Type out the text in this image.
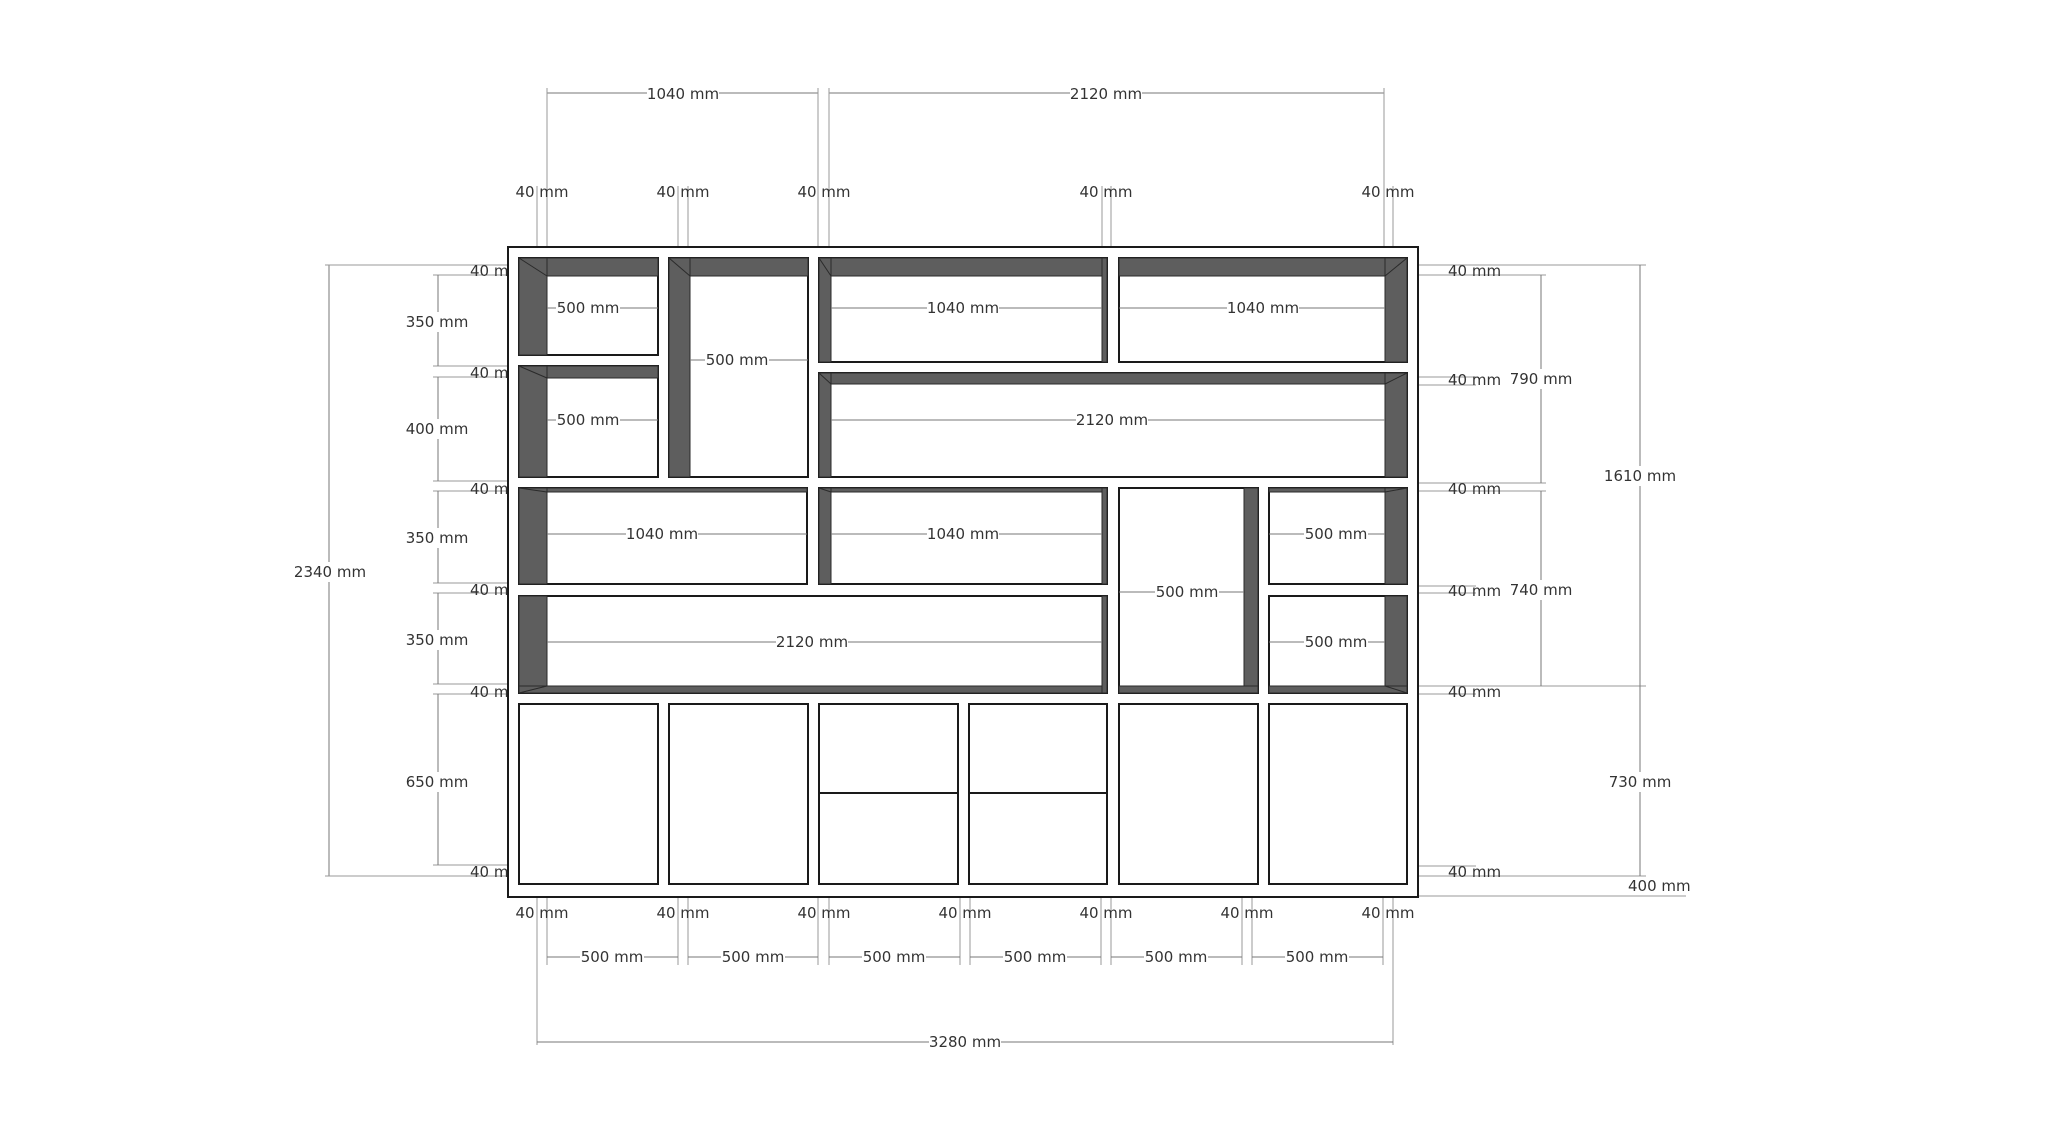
500 mm
500 mm
500 mm
1040 mm	1040 mm
2120 mm
1040 mm	1040 mm
500 mm
500 mm
2120 mm	500 mm
1040 mm	2120 mm
40 mm	40 mm	40 mm	40 mm	40 mm
40 mm	40 mm	40 mm	40 mm	40 mm	40 mm	40 mm
500 mm	500 mm	500 mm	500 mm	500 mm	500 mm
3280 mm
2340 mm
350 mm
400 mm
350 mm
350 mm
650 mm
40 m
40 m
40 m
40 m
40 m
40 m
40 mm
40 mm
40 mm
40 mm
40 mm
40 mm
790 mm
740 mm
1610 mm
730 mm
400 mm
